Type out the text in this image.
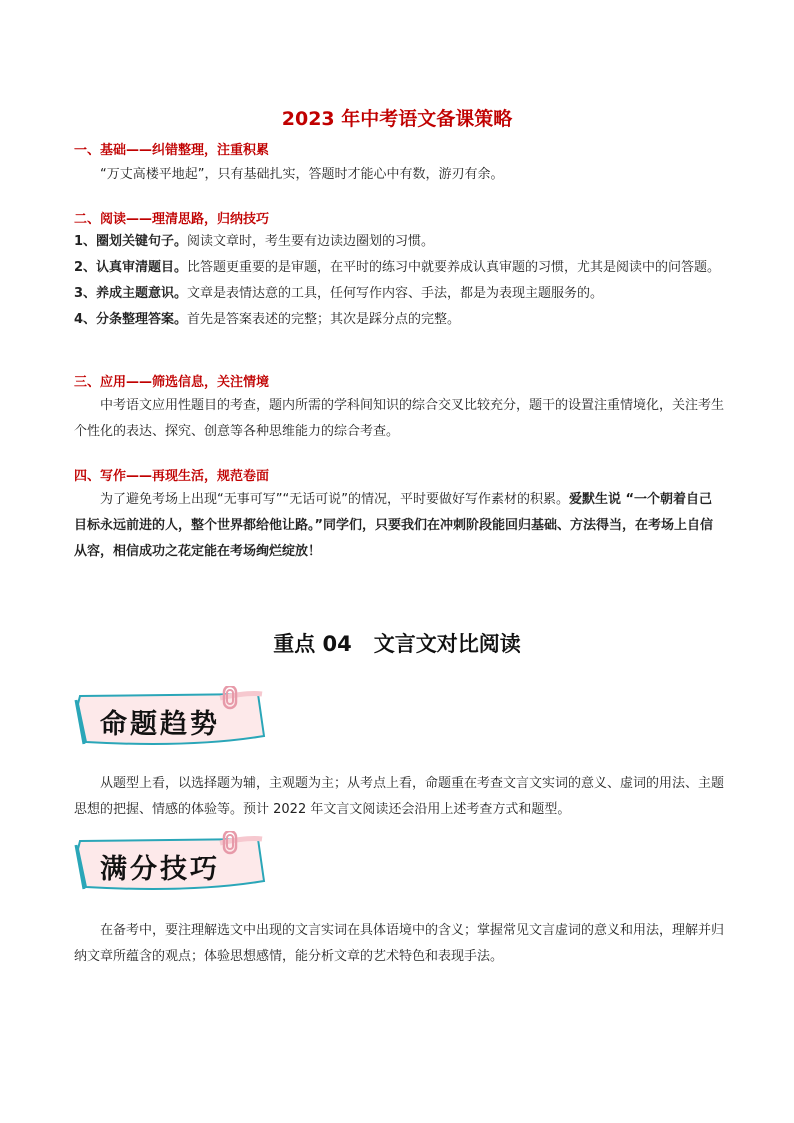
2023 年中考语文备课策略
一、基础——纠错整理，注重积累
“万丈高楼平地起”，只有基础扎实，答题时才能心中有数，游刃有余。
二、阅读——理清思路，归纳技巧
1、圈划关键句子。阅读文章时，考生要有边读边圈划的习惯。
2、认真审清题目。比答题更重要的是审题，在平时的练习中就要养成认真审题的习惯，尤其是阅读中的问答题。
3、养成主题意识。文章是表情达意的工具，任何写作内容、手法，都是为表现主题服务的。
4、分条整理答案。首先是答案表述的完整；其次是踩分点的完整。
三、应用——筛选信息，关注情境
中考语文应用性题目的考查，题内所需的学科间知识的综合交叉比较充分，题干的设置注重情境化，关注考生个性化的表达、探究、创意等各种思维能力的综合考查。
四、写作——再现生活，规范卷面
为了避免考场上出现“无事可写”“无话可说”的情况，平时要做好写作素材的积累。爱默生说 “一个朝着自己目标永远前进的人，整个世界都给他让路。”同学们，只要我们在冲刺阶段能回归基础、方法得当，在考场上自信从容，相信成功之花定能在考场绚烂绽放！
重点 04 文言文对比阅读
命题趋势
从题型上看，以选择题为辅，主观题为主；从考点上看，命题重在考查文言文实词的意义、虚词的用法、主题思想的把握、情感的体验等。预计 2022 年文言文阅读还会沿用上述考查方式和题型。
满分技巧
在备考中，要注理解选文中出现的文言实词在具体语境中的含义；掌握常见文言虚词的意义和用法，理解并归纳文章所蕴含的观点；体验思想感情，能分析文章的艺术特色和表现手法。
